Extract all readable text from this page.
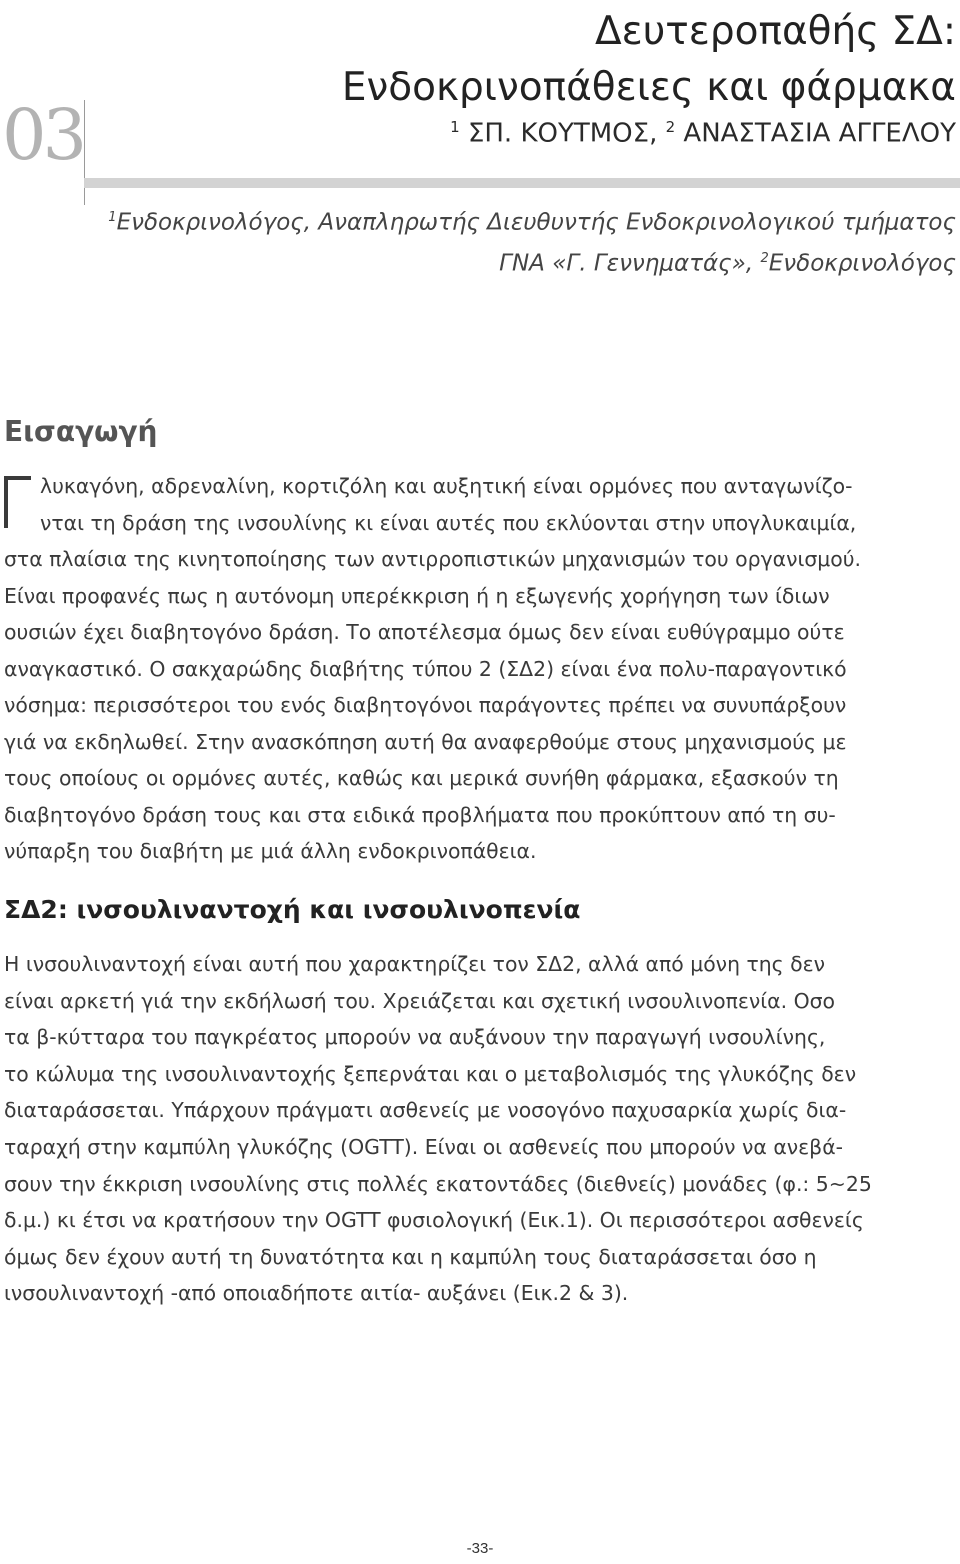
03
Δευτεροπαθής ΣΔ:
Ενδοκρινοπάθειες και φάρμακα
$^1$ ΣΠ. ΚΟΥΤΜΟΣ, $^2$ ΑΝΑΣΤΑΣΙΑ ΑΓΓΕΛΟΥ
$^1$Ενδοκρινολόγος, Αναπληρωτής Διευθυντής Ενδοκρινολογικού τμήματος
ΓΝΑ «Γ. Γεννηματάς», $^2$Ενδοκρινολόγος
Εισαγωγή
λυκαγόνη, αδρεναλίνη, κορτιζόλη και αυξητική είναι ορμόνες που ανταγωνίζο-
νται τη δράση της ινσουλίνης κι είναι αυτές που εκλύονται στην υπογλυκαιμία,
στα πλαίσια της κινητοποίησης των αντιρροπιστικών μηχανισμών του οργανισμού.
Είναι προφανές πως η αυτόνομη υπερέκκριση ή η εξωγενής χορήγηση των ίδιων
ουσιών έχει διαβητογόνο δράση. Το αποτέλεσμα όμως δεν είναι ευθύγραμμο ούτε
αναγκαστικό. Ο σακχαρώδης διαβήτης τύπου 2 (ΣΔ2) είναι ένα πολυ-παραγοντικό
νόσημα: περισσότεροι του ενός διαβητογόνοι παράγοντες πρέπει να συνυπάρξουν
γιά να εκδηλωθεί. Στην ανασκόπηση αυτή θα αναφερθούμε στους μηχανισμούς με
τους οποίους οι ορμόνες αυτές, καθώς και μερικά συνήθη φάρμακα, εξασκούν τη
διαβητογόνο δράση τους και στα ειδικά προβλήματα που προκύπτουν από τη συ-
νύπαρξη του διαβήτη με μιά άλλη ενδοκρινοπάθεια.
ΣΔ2: ινσουλιναντοχή και ινσουλινοπενία
Η ινσουλιναντοχή είναι αυτή που χαρακτηρίζει τον ΣΔ2, αλλά από μόνη της δεν
είναι αρκετή γιά την εκδήλωσή του. Χρειάζεται και σχετική ινσουλινοπενία. Οσο
τα β-κύτταρα του παγκρέατος μπορούν να αυξάνουν την παραγωγή ινσουλίνης,
το κώλυμα της ινσουλιναντοχής ξεπερνάται και ο μεταβολισμός της γλυκόζης δεν
διαταράσσεται. Υπάρχουν πράγματι ασθενείς με νοσογόνο παχυσαρκία χωρίς δια-
ταραχή στην καμπύλη γλυκόζης (OGTT). Είναι οι ασθενείς που μπορούν να ανεβά-
σουν την έκκριση ινσουλίνης στις πολλές εκατοντάδες (διεθνείς) μονάδες (φ.: 5~25
δ.μ.) κι έτσι να κρατήσουν την OGTT φυσιολογική (Εικ.1). Οι περισσότεροι ασθενείς
όμως δεν έχουν αυτή τη δυνατότητα και η καμπύλη τους διαταράσσεται όσο η
ινσουλιναντοχή -από οποιαδήποτε αιτία- αυξάνει (Εικ.2 & 3).
-33-
